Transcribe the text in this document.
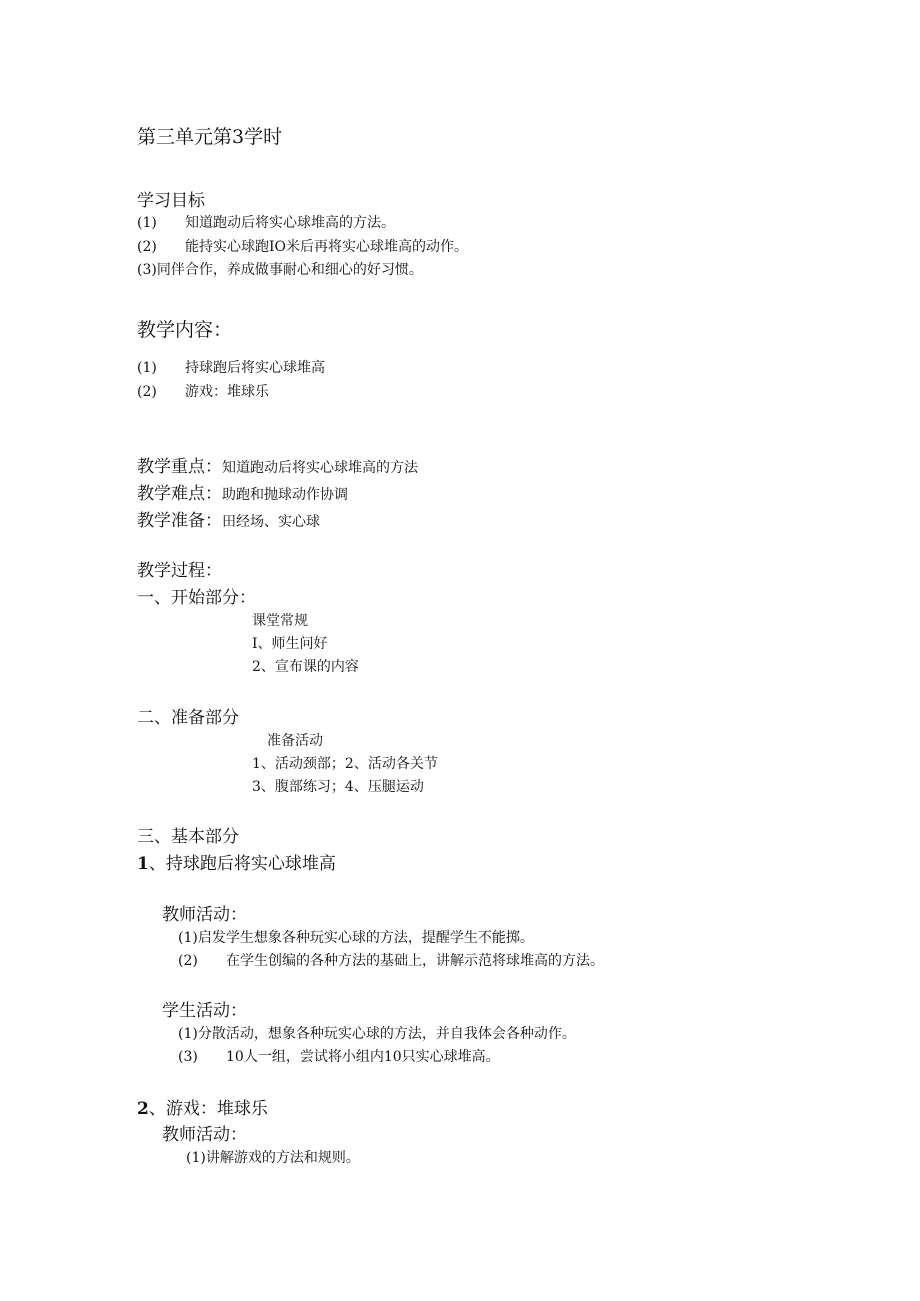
第三单元第3学时

学习目标

(1) 知道跑动后将实心球堆高的方法。

(2) 能持实心球跑IO米后再将实心球堆高的动作。

(3)同伴合作，养成做事耐心和细心的好习惯。

教学内容：

(1) 持球跑后将实心球堆高

(2) 游戏：堆球乐

教学重点：知道跑动后将实心球堆高的方法

教学难点：助跑和抛球动作协调

教学准备：田经场、实心球

教学过程：

一、开始部分：

课堂常规

I、师生问好

2、宣布课的内容

二、准备部分

准备活动

1、活动颈部；2、活动各关节

3、腹部练习；4、压腿运动

三、基本部分

1、持球跑后将实心球堆高

教师活动：

(1)启发学生想象各种玩实心球的方法，提醒学生不能掷。

(2) 在学生创编的各种方法的基础上，讲解示范将球堆高的方法。

学生活动：

(1)分散活动，想象各种玩实心球的方法，并自我体会各种动作。

(3) 10人一组，尝试将小组内10只实心球堆高。

2、游戏：堆球乐

教师活动：

(1)讲解游戏的方法和规则。
